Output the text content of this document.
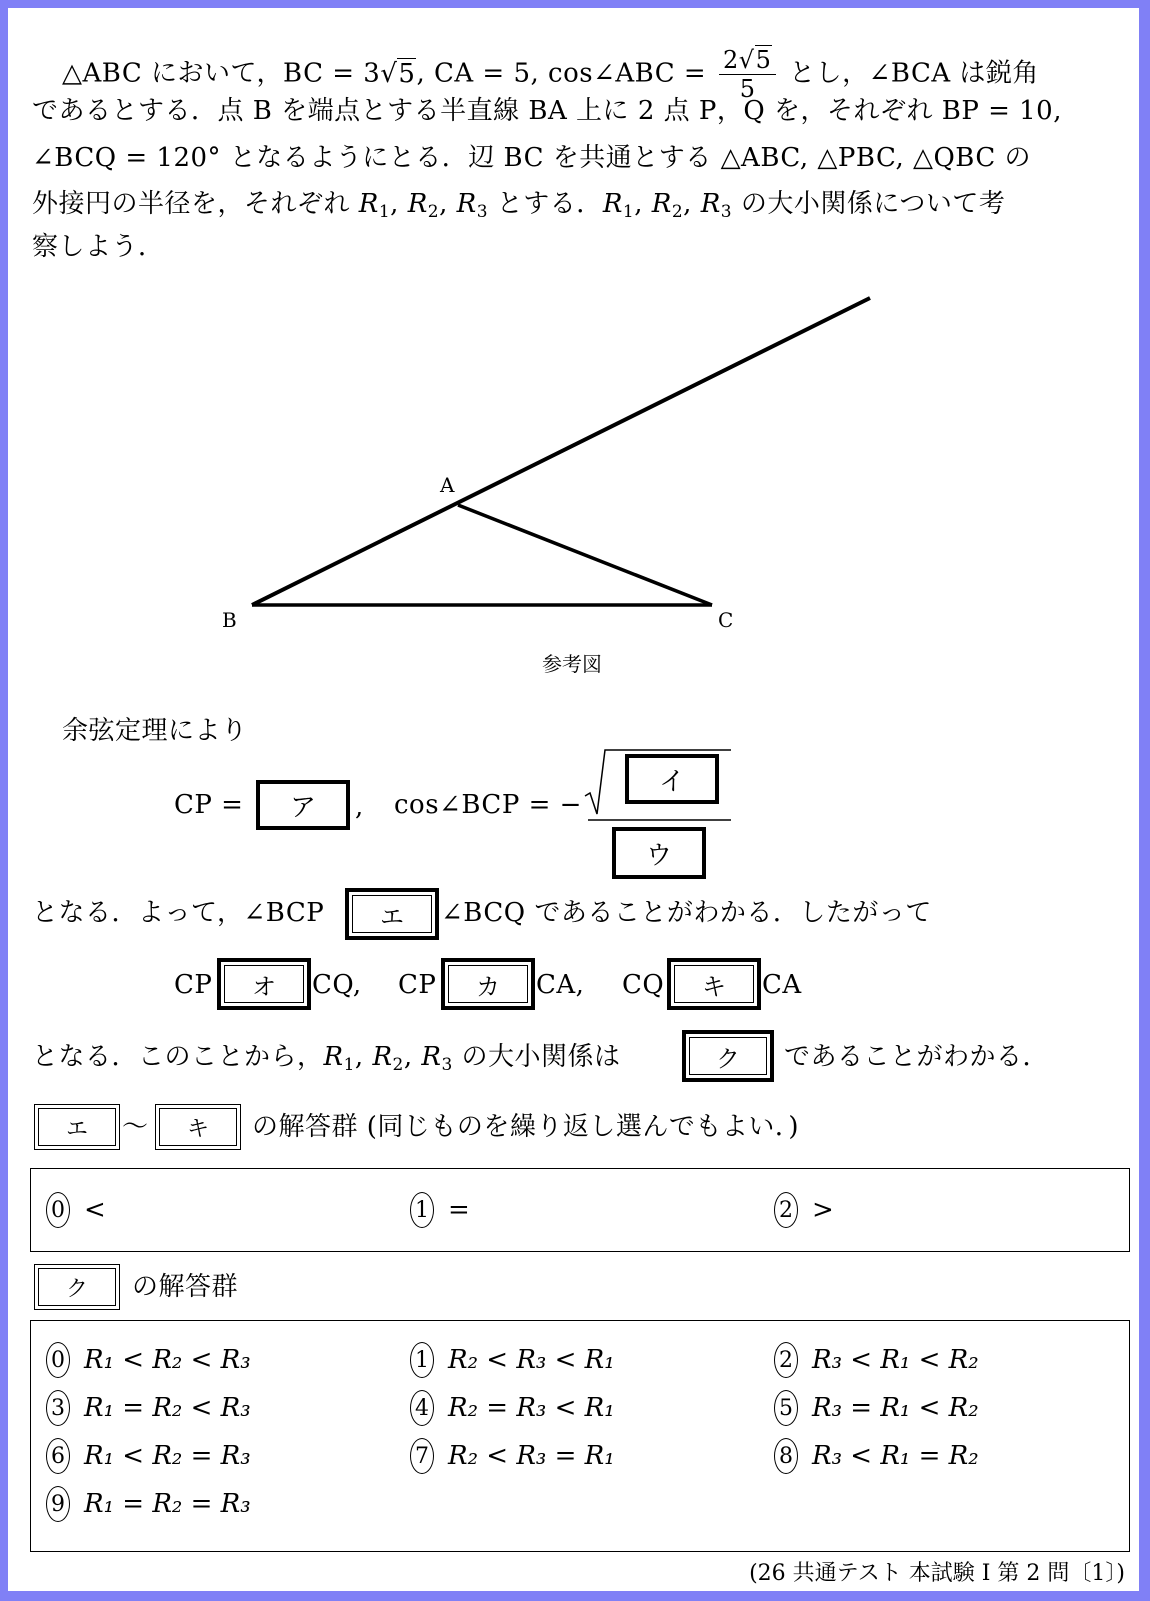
△ABC において，BC = 3√5, CA = 5, cos∠ABC = $\frac{2√5}{5}$ とし，∠BCA は鋭角
であるとする．点 B を端点とする半直線 BA 上に 2 点 P，Q を，それぞれ BP = 10,
∠BCQ = 120° となるようにとる．辺 BC を共通とする △ABC, △PBC, △QBC の
外接円の半径を，それぞれ $R_1$, $R_2$, $R_3$ とする．$R_1$, $R_2$, $R_3$ の大小関係について考
察しよう．
A
B	C
参考図
余弦定理により
CP = ア , cos∠BCP = −
イ
ウ
となる．よって，∠BCP	エ	∠BCQ であることがわかる．したがって
CP	オ	CQ, CP	カ	CA, CQ	キ	CA
となる．このことから，$R_1$, $R_2$, $R_3$ の大小関係は	ク	であることがわかる．
エ	〜	キ	の解答群 (同じものを繰り返し選んでもよい．)
0 <	1 =	2 >
ク	の解答群
0 R₁ < R₂ < R₃	1 R₂ < R₃ < R₁	2 R₃ < R₁ < R₂
3 R₁ = R₂ < R₃	4 R₂ = R₃ < R₁	5 R₃ = R₁ < R₂
6 R₁ < R₂ = R₃	7 R₂ < R₃ = R₁	8 R₃ < R₁ = R₂
9 R₁ = R₂ = R₃
(26 共通テスト 本試験 I 第 2 問〔1〕)
